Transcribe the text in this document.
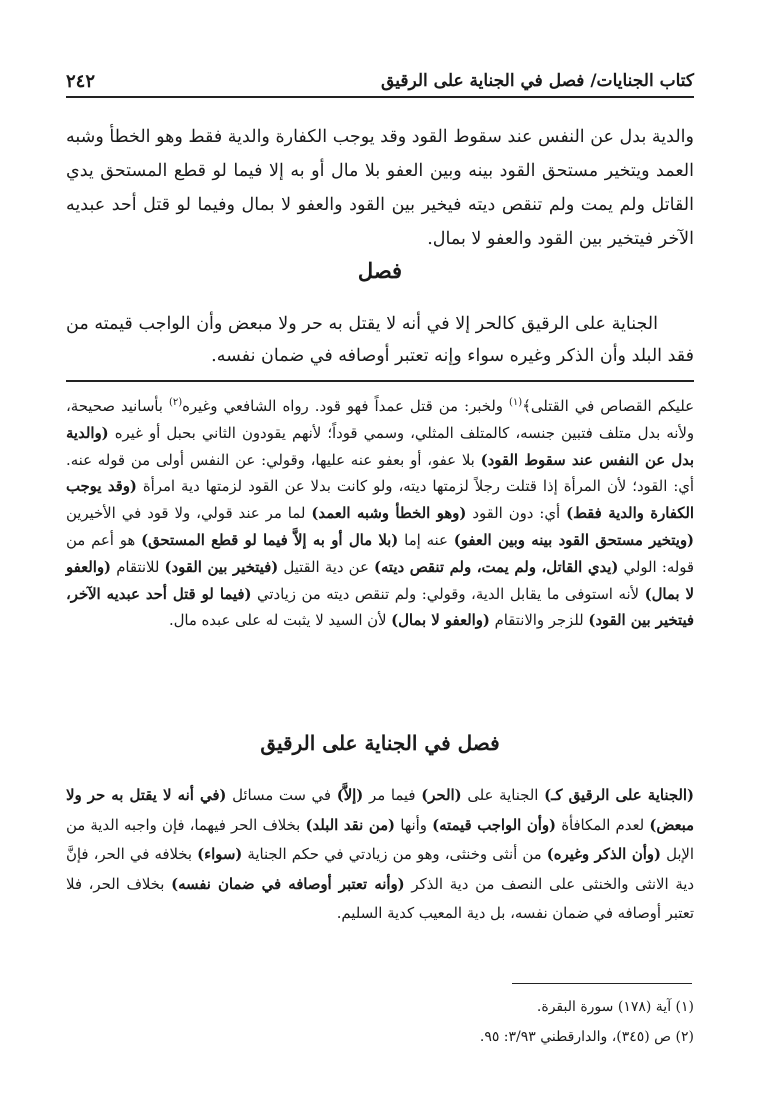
كتاب الجنايات/ فصل في الجناية على الرقيق
٢٤٢
والدية بدل عن النفس عند سقوط القود وقد يوجب الكفارة والدية فقط وهو الخطأ وشبه العمد ويتخير مستحق القود بينه وبين العفو بلا مال أو به إلا فيما لو قطع المستحق يدي القاتل ولم يمت ولم تنقص ديته فيخير بين القود والعفو لا بمال وفيما لو قتل أحد عبديه الآخر فيتخير بين القود والعفو لا بمال.
فصل
الجناية على الرقيق كالحر إلا في أنه لا يقتل به حر ولا مبعض وأن الواجب قيمته من فقد البلد وأن الذكر وغيره سواء وإنه تعتبر أوصافه في ضمان نفسه.
عليكم القصاص في القتلى﴾$^{(١)}$ ولخبر: من قتل عمداً فهو قود. رواه الشافعي وغيره$^{(٢)}$ بأسانيد صحيحة، ولأنه بدل متلف فتبين جنسه، كالمتلف المثلي، وسمي قوداً؛ لأنهم يقودون الثاني بحبل أو غيره (والدية بدل عن النفس عند سقوط القود) بلا عفو، أو بعفو عنه عليها، وقولي: عن النفس أولى من قوله عنه. أي: القود؛ لأن المرأة إذا قتلت رجلاً لزمتها ديته، ولو كانت بدلا عن القود لزمتها دية امرأة (وقد يوجب الكفارة والدية فقط) أي: دون القود (وهو الخطأ وشبه العمد) لما مر عند قولي، ولا قود في الأخيرين (ويتخير مستحق القود بينه وبين العفو) عنه إما (بلا مال أو به إلاَّ فيما لو قطع المستحق) هو أعم من قوله: الولي (يدي القاتل، ولم يمت، ولم تنقص ديته) عن دية القتيل (فيتخير بين القود) للانتقام (والعفو لا بمال) لأنه استوفى ما يقابل الدية، وقولي: ولم تنقص ديته من زيادتي (فيما لو قتل أحد عبديه الآخر، فيتخير بين القود) للزجر والانتقام (والعفو لا بمال) لأن السيد لا يثبت له على عبده مال.
فصل في الجناية على الرقيق
(الجناية على الرقيق كـ) الجناية على (الحر) فيما مر (إلاَّ) في ست مسائل (في أنه لا يقتل به حر ولا مبعض) لعدم المكافأة (وأن الواجب قيمته) وأنها (من نقد البلد) بخلاف الحر فيهما، فإن واجبه الدية من الإبل (وأن الذكر وغيره) من أنثى وخنثى، وهو من زيادتي في حكم الجناية (سواء) بخلافه في الحر، فإنَّ دية الانثى والخنثى على النصف من دية الذكر (وأنه تعتبر أوصافه في ضمان نفسه) بخلاف الحر، فلا تعتبر أوصافه في ضمان نفسه، بل دية المعيب كدية السليم.
(١) آية (١٧٨) سورة البقرة.
(٢) ص (٣٤٥)، والدارقطني ٣/٩٣: ٩٥.
